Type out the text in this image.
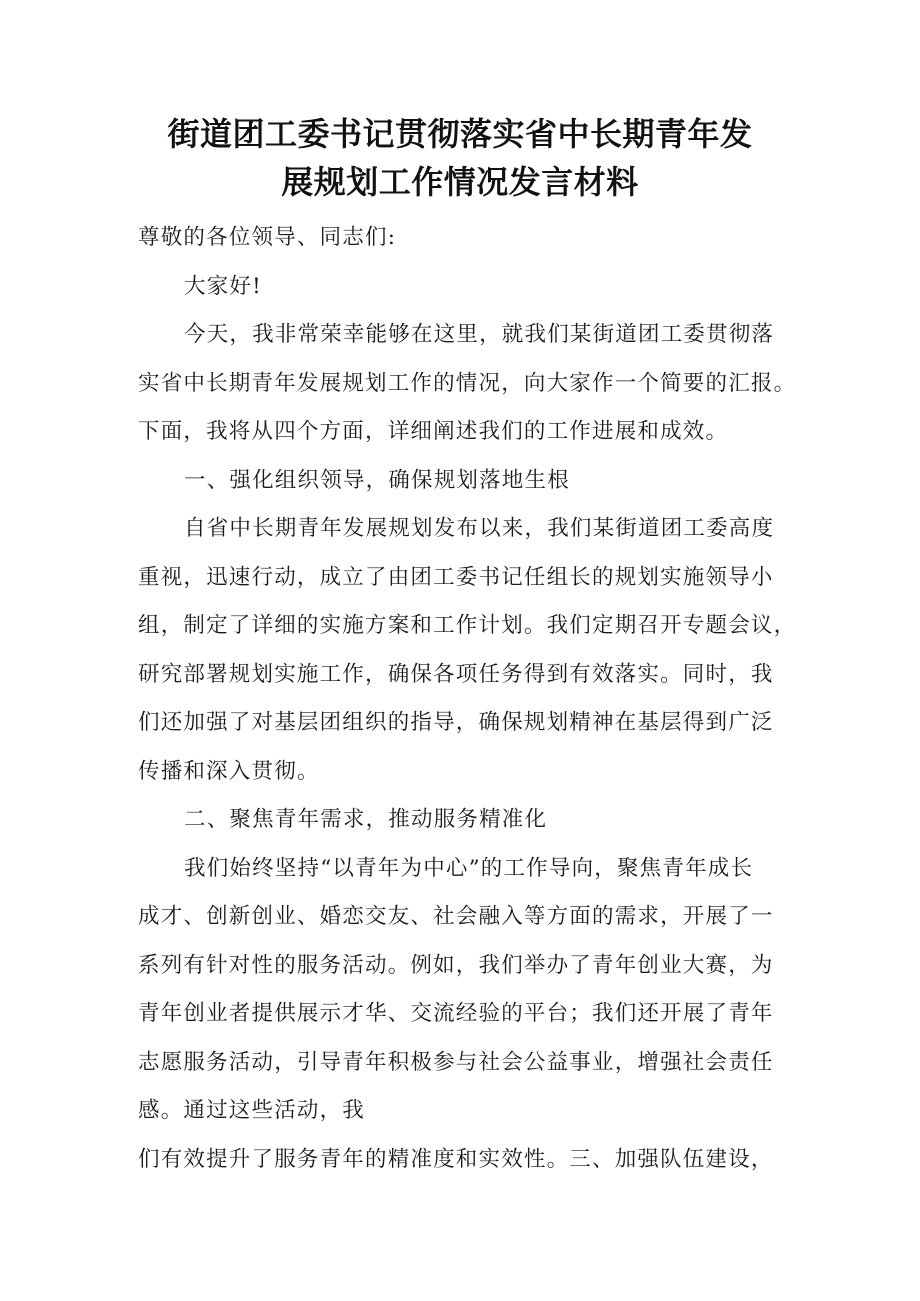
街道团工委书记贯彻落实省中长期青年发
展规划工作情况发言材料
尊敬的各位领导、同志们:
大家好!
今天，我非常荣幸能够在这里，就我们某街道团工委贯彻落
实省中长期青年发展规划工作的情况，向大家作一个简要的汇报。
下面，我将从四个方面，详细阐述我们的工作进展和成效。
一、强化组织领导，确保规划落地生根
自省中长期青年发展规划发布以来，我们某街道团工委高度
重视，迅速行动，成立了由团工委书记任组长的规划实施领导小
组，制定了详细的实施方案和工作计划。我们定期召开专题会议，
研究部署规划实施工作，确保各项任务得到有效落实。同时，我
们还加强了对基层团组织的指导，确保规划精神在基层得到广泛
传播和深入贯彻。
二、聚焦青年需求，推动服务精准化
我们始终坚持“以青年为中心”的工作导向，聚焦青年成长
成才、创新创业、婚恋交友、社会融入等方面的需求，开展了一
系列有针对性的服务活动。例如，我们举办了青年创业大赛，为
青年创业者提供展示才华、交流经验的平台；我们还开展了青年
志愿服务活动，引导青年积极参与社会公益事业，增强社会责任
感。通过这些活动，我
们有效提升了服务青年的精准度和实效性。三、加强队伍建设，
